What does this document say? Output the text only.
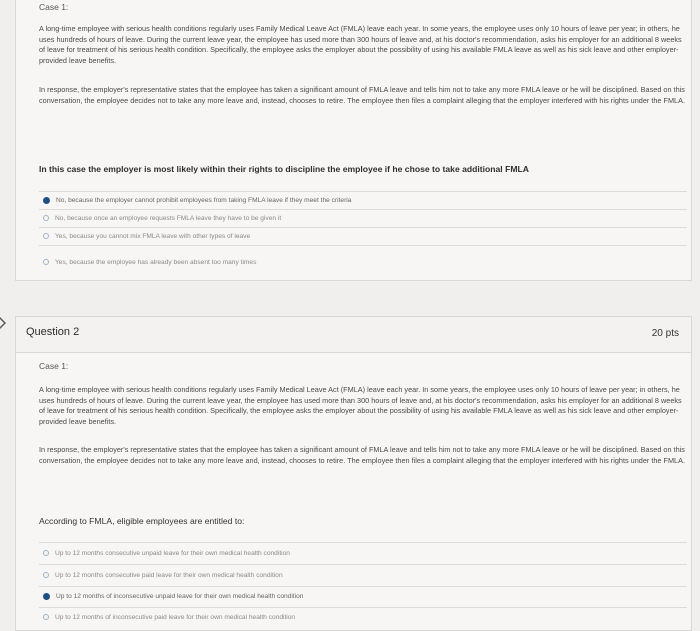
Case 1:

A long-time employee with serious health conditions regularly uses Family Medical Leave Act (FMLA) leave each year. In some years, the employee uses only 10 hours of leave per year; in others, he uses hundreds of hours of leave. During the current leave year, the employee has used more than 300 hours of leave and, at his doctor's recommendation, asks his employer for an additional 8 weeks of leave for treatment of his serious health condition. Specifically, the employee asks the employer about the possibility of using his available FMLA leave as well as his sick leave and other employer-provided leave benefits.

In response, the employer's representative states that the employee has taken a significant amount of FMLA leave and tells him not to take any more FMLA leave or he will be disciplined. Based on this conversation, the employee decides not to take any more leave and, instead, chooses to retire. The employee then files a complaint alleging that the employer interfered with his rights under the FMLA.

In this case the employer is most likely within their rights to discipline the employee if he chose to take additional FMLA
No, because the employer cannot prohibit employees from taking FMLA leave if they meet the criteria
No, because once an employee requests FMLA leave they have to be given it
Yes, because you cannot mix FMLA leave with other types of leave
Yes, because the employee has already been absent too many times
Question 2	20 pts
Case 1:

A long-time employee with serious health conditions regularly uses Family Medical Leave Act (FMLA) leave each year. In some years, the employee uses only 10 hours of leave per year; in others, he uses hundreds of hours of leave. During the current leave year, the employee has used more than 300 hours of leave and, at his doctor's recommendation, asks his employer for an additional 8 weeks of leave for treatment of his serious health condition. Specifically, the employee asks the employer about the possibility of using his available FMLA leave as well as his sick leave and other employer-provided leave benefits.

In response, the employer's representative states that the employee has taken a significant amount of FMLA leave and tells him not to take any more FMLA leave or he will be disciplined. Based on this conversation, the employee decides not to take any more leave and, instead, chooses to retire. The employee then files a complaint alleging that the employer interfered with his rights under the FMLA.

According to FMLA, eligible employees are entitled to:
Up to 12 months consecutive unpaid leave for their own medical health condition
Up to 12 months consecutive paid leave for their own medical health condition
Up to 12 months of inconsecutive unpaid leave for their own medical health condition
Up to 12 months of inconsecutive paid leave for their own medical health condition
